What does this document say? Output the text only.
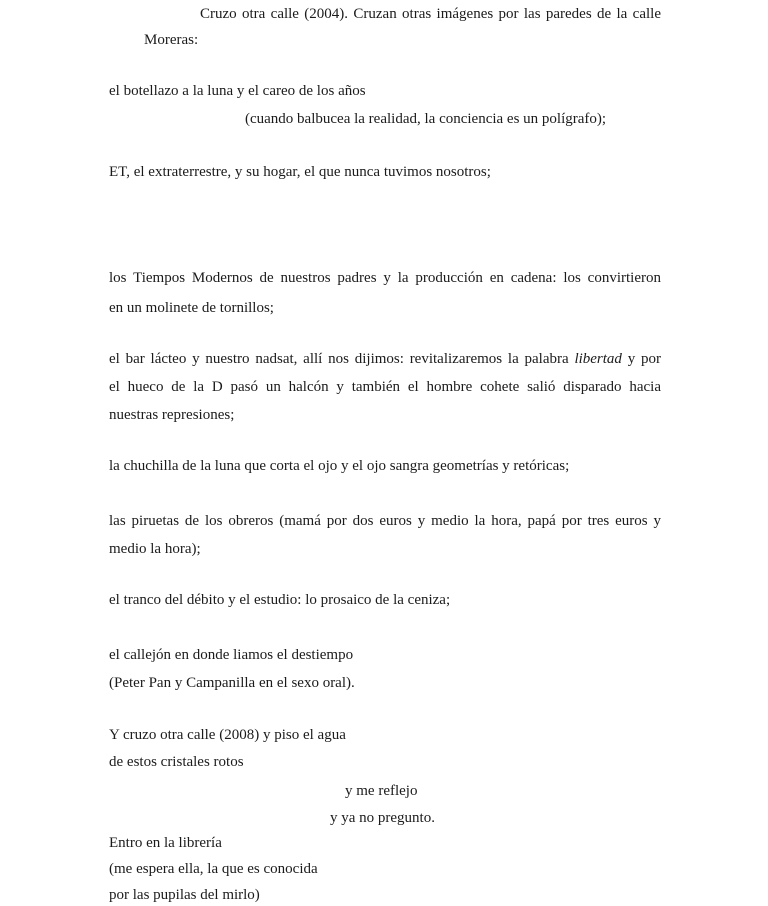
Cruzo otra calle (2004). Cruzan otras imágenes por las paredes de la calle
Moreras:
el botellazo a la luna y el careo de los años
(cuando balbucea la realidad, la conciencia es un polígrafo);
ET, el extraterrestre, y su hogar, el que nunca tuvimos nosotros;
los Tiempos Modernos de nuestros padres y la producción en cadena: los convirtieron
en un molinete de tornillos;
el bar lácteo y nuestro nadsat, allí nos dijimos: revitalizaremos la palabra libertad y por
el hueco de la D pasó un halcón y también el hombre cohete salió disparado hacia
nuestras represiones;
la chuchilla de la luna que corta el ojo y el ojo sangra geometrías y retóricas;
las piruetas de los obreros (mamá por dos euros y medio la hora, papá por tres euros y
medio la hora);
el tranco del débito y el estudio: lo prosaico de la ceniza;
el callejón en donde liamos el destiempo
(Peter Pan y Campanilla en el sexo oral).
Y cruzo otra calle (2008) y piso el agua
de estos cristales rotos
y me reflejo
y ya no pregunto.
Entro en la librería
(me espera ella, la que es conocida
por las pupilas del mirlo)
